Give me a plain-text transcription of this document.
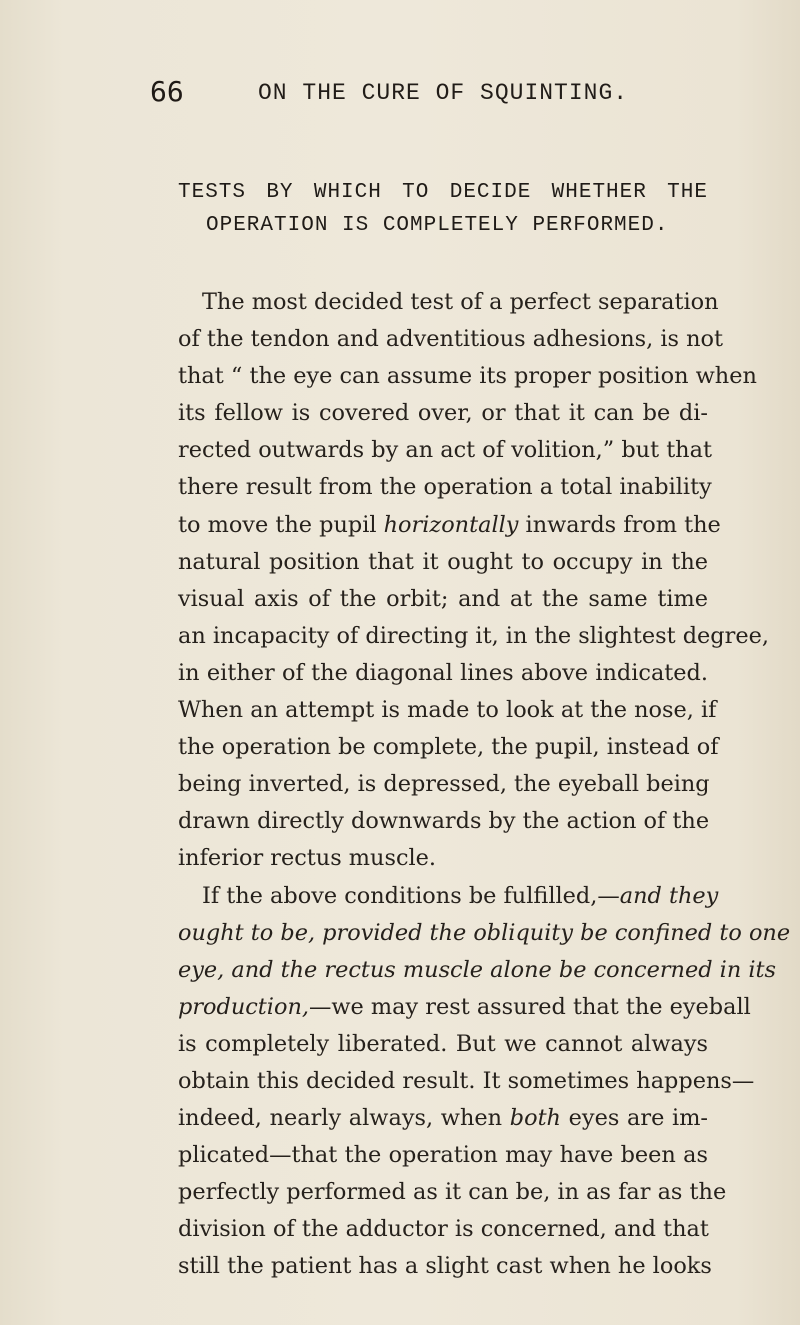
66	ON THE CURE OF SQUINTING.
TESTS BY WHICH TO DECIDE WHETHER THE
OPERATION IS COMPLETELY PERFORMED.
The most decided test of a perfect separation
of the tendon and adventitious adhesions, is not
that “ the eye can assume its proper position when
its fellow is covered over, or that it can be di-
rected outwards by an act of volition,” but that
there result from the operation a total inability
to move the pupil horizontally inwards from the
natural position that it ought to occupy in the
visual axis of the orbit; and at the same time
an incapacity of directing it, in the slightest degree,
in either of the diagonal lines above indicated.
When an attempt is made to look at the nose, if
the operation be complete, the pupil, instead of
being inverted, is depressed, the eyeball being
drawn directly downwards by the action of the
inferior rectus muscle.
If the above conditions be fulfilled,—and they
ought to be, provided the obliquity be confined to one
eye, and the rectus muscle alone be concerned in its
production,—we may rest assured that the eyeball
is completely liberated. But we cannot always
obtain this decided result. It sometimes happens—
indeed, nearly always, when both eyes are im-
plicated—that the operation may have been as
perfectly performed as it can be, in as far as the
division of the adductor is concerned, and that
still the patient has a slight cast when he looks
